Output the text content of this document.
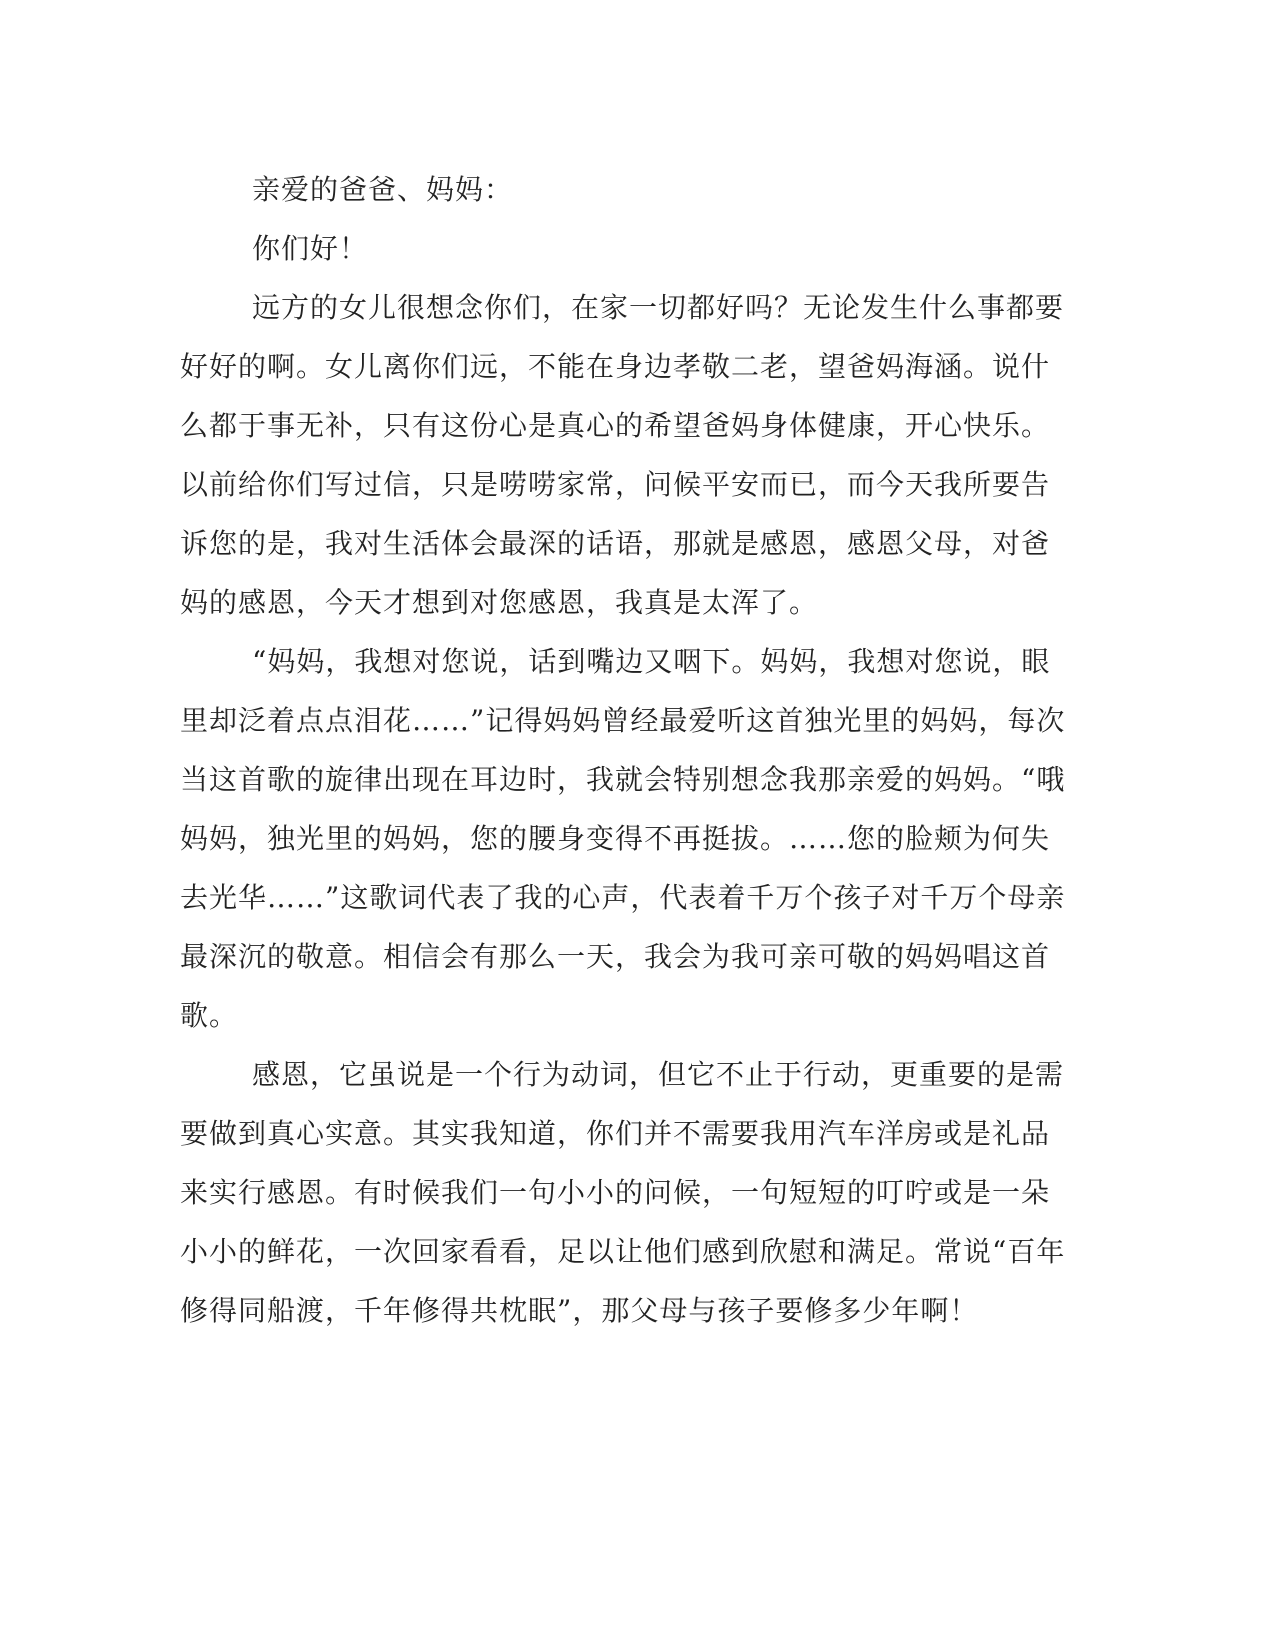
亲爱的爸爸、妈妈：

你们好！

远方的女儿很想念你们，在家一切都好吗？无论发生什么事都要

好好的啊。女儿离你们远，不能在身边孝敬二老，望爸妈海涵。说什

么都于事无补，只有这份心是真心的希望爸妈身体健康，开心快乐。

以前给你们写过信，只是唠唠家常，问候平安而已，而今天我所要告

诉您的是，我对生活体会最深的话语，那就是感恩，感恩父母，对爸

妈的感恩，今天才想到对您感恩，我真是太浑了。

“妈妈，我想对您说，话到嘴边又咽下。妈妈，我想对您说，眼

里却泛着点点泪花……”记得妈妈曾经最爱听这首独光里的妈妈，每次

当这首歌的旋律出现在耳边时，我就会特别想念我那亲爱的妈妈。“哦

妈妈，独光里的妈妈，您的腰身变得不再挺拔。……您的脸颊为何失

去光华……”这歌词代表了我的心声，代表着千万个孩子对千万个母亲

最深沉的敬意。相信会有那么一天，我会为我可亲可敬的妈妈唱这首

歌。

感恩，它虽说是一个行为动词，但它不止于行动，更重要的是需

要做到真心实意。其实我知道，你们并不需要我用汽车洋房或是礼品

来实行感恩。有时候我们一句小小的问候，一句短短的叮咛或是一朵

小小的鲜花，一次回家看看，足以让他们感到欣慰和满足。常说“百年

修得同船渡，千年修得共枕眠”，那父母与孩子要修多少年啊！
